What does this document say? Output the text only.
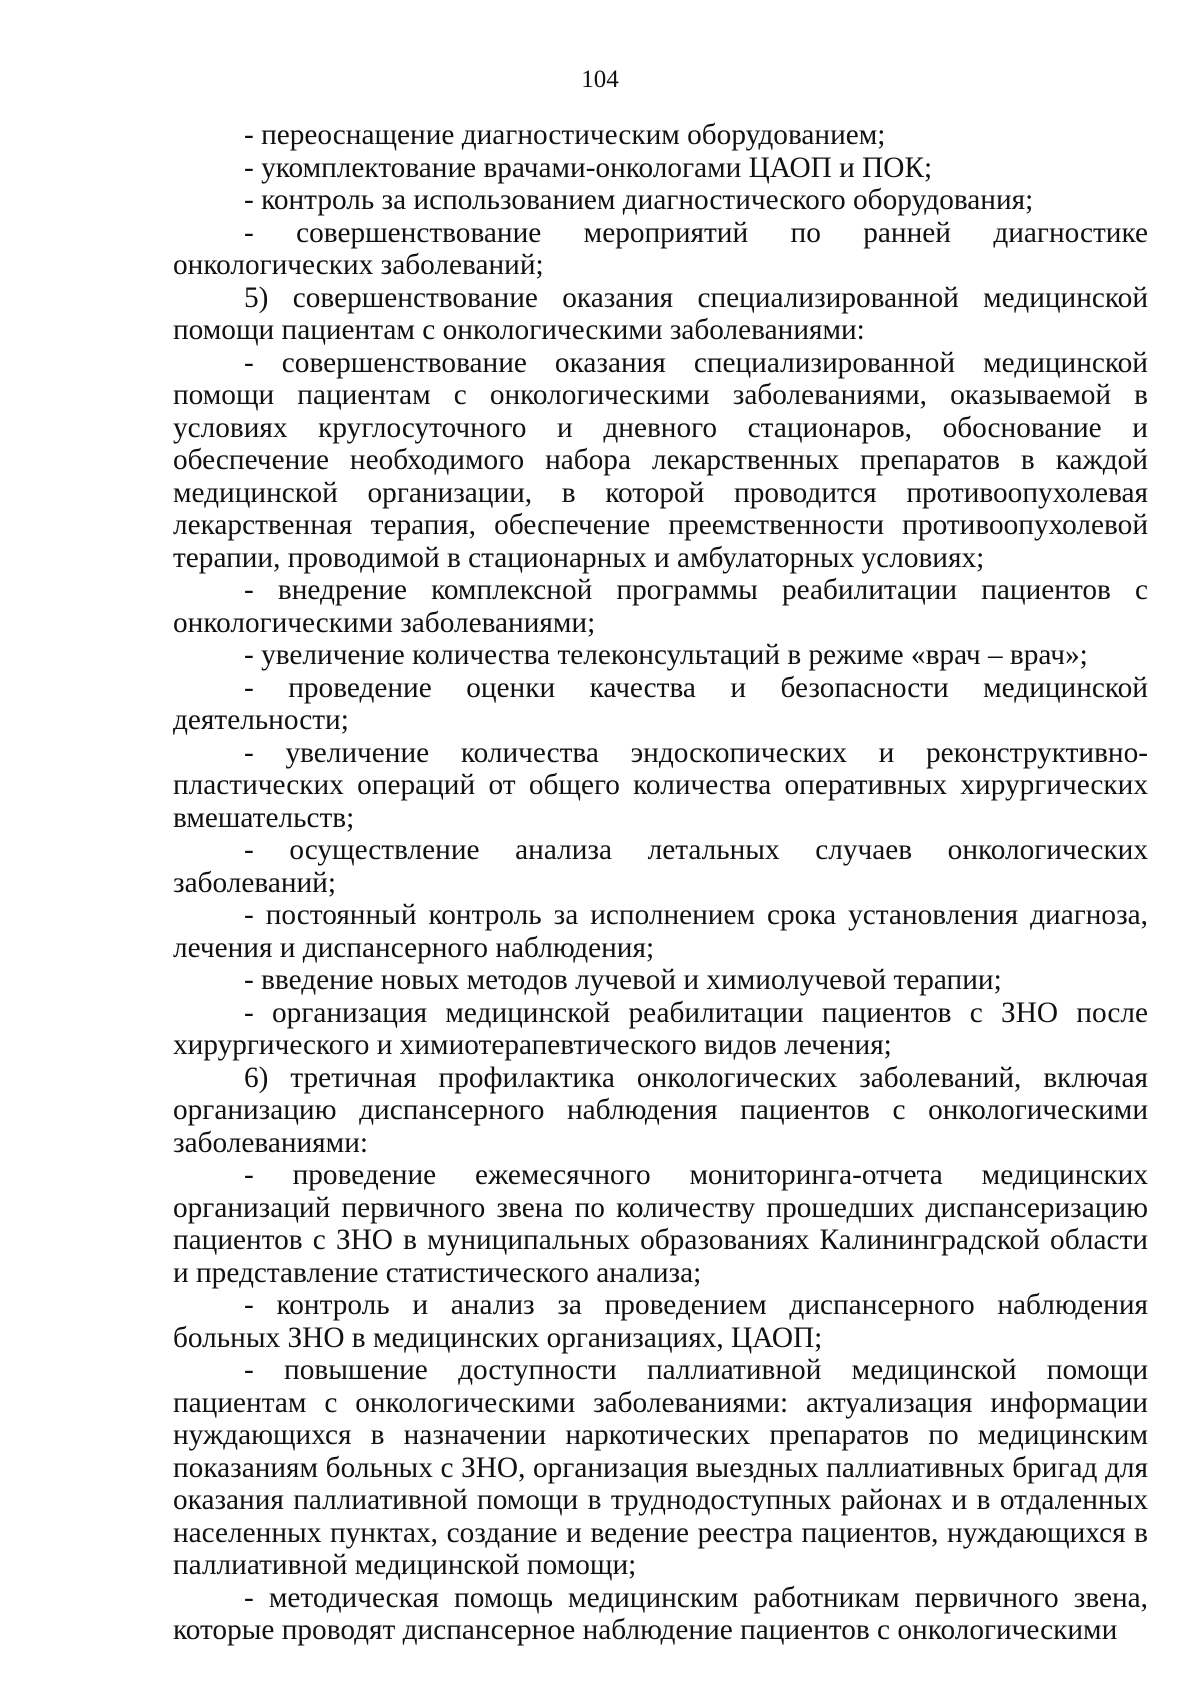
104

- переоснащение диагностическим оборудованием;

- укомплектование врачами-онкологами ЦАОП и ПОК;

- контроль за использованием диагностического оборудования;

- совершенствование мероприятий по ранней диагностике онкологических заболеваний;

5) совершенствование оказания специализированной медицинской помощи пациентам с онкологическими заболеваниями:

- совершенствование оказания специализированной медицинской помощи пациентам с онкологическими заболеваниями, оказываемой в условиях круглосуточного и дневного стационаров, обоснование и обеспечение необходимого набора лекарственных препаратов в каждой медицинской организации, в которой проводится противоопухолевая лекарственная терапия, обеспечение преемственности противоопухолевой терапии, проводимой в стационарных и амбулаторных условиях;

- внедрение комплексной программы реабилитации пациентов с онкологическими заболеваниями;

- увеличение количества телеконсультаций в режиме «врач – врач»;

- проведение оценки качества и безопасности медицинской деятельности;

- увеличение количества эндоскопических и реконструктивно-пластических операций от общего количества оперативных хирургических вмешательств;

- осуществление анализа летальных случаев онкологических заболеваний;

- постоянный контроль за исполнением срока установления диагноза, лечения и диспансерного наблюдения;

- введение новых методов лучевой и химиолучевой терапии;

- организация медицинской реабилитации пациентов с ЗНО после хирургического и химиотерапевтического видов лечения;

6) третичная профилактика онкологических заболеваний, включая организацию диспансерного наблюдения пациентов с онкологическими заболеваниями:

- проведение ежемесячного мониторинга-отчета медицинских организаций первичного звена по количеству прошедших диспансеризацию пациентов с ЗНО в муниципальных образованиях Калининградской области и представление статистического анализа;

- контроль и анализ за проведением диспансерного наблюдения больных ЗНО в медицинских организациях, ЦАОП;

- повышение доступности паллиативной медицинской помощи пациентам с онкологическими заболеваниями: актуализация информации нуждающихся в назначении наркотических препаратов по медицинским показаниям больных с ЗНО, организация выездных паллиативных бригад для оказания паллиативной помощи в труднодоступных районах и в отдаленных населенных пунктах, создание и ведение реестра пациентов, нуждающихся в паллиативной медицинской помощи;

- методическая помощь медицинским работникам первичного звена, которые проводят диспансерное наблюдение пациентов с онкологическими
